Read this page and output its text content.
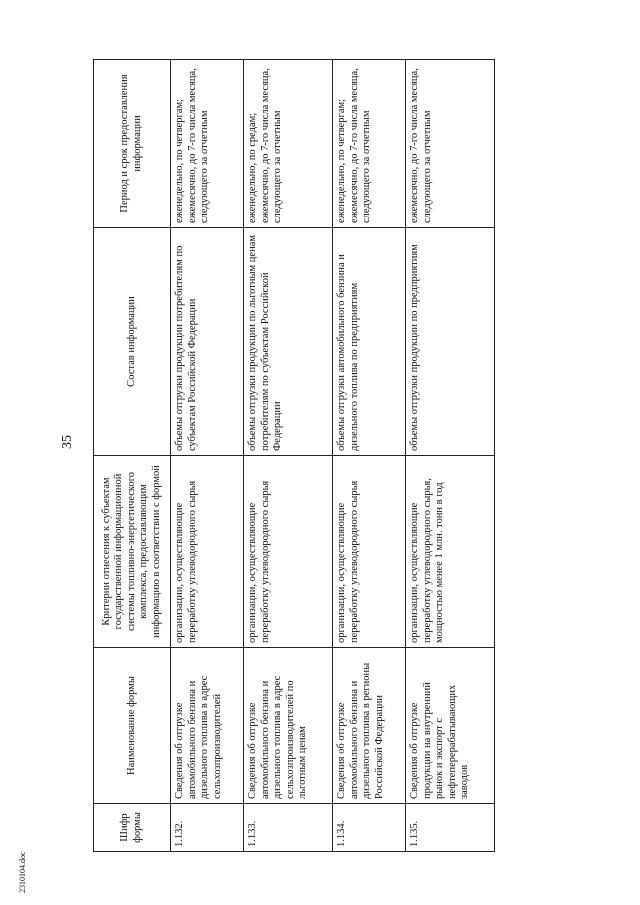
35
2310104.doc
Шифр формы	Наименование формы	Критерии отнесения к субъектам государственной информационной системы топливно-энергетического комплекса, предоставляющим информацию в соответствии с формой	Состав информации	Период и срок предоставления информации
1.132.	Сведения об отгрузке автомобильного бензина и дизельного топлива в адрес сельхозпроизводителей	организации, осуществляющие переработку углеводородного сырья	объемы отгрузки продукции потребителям по субъектам Российской Федерации	еженедельно, по четвергам; ежемесячно, до 7-го числа месяца, следующего за отчетным
1.133.	Сведения об отгрузке автомобильного бензина и дизельного топлива в адрес сельхозпроизводителей по льготным ценам	организации, осуществляющие переработку углеводородного сырья	объемы отгрузки продукции по льготным ценам потребителям по субъектам Российской Федерации	еженедельно, по средам; ежемесячно, до 7-го числа месяца, следующего за отчетным
1.134.	Сведения об отгрузке автомобильного бензина и дизельного топлива в регионы Российской Федерации	организации, осуществляющие переработку углеводородного сырья	объемы отгрузки автомобильного бензина и дизельного топлива по предприятиям	еженедельно, по четвергам; ежемесячно, до 7-го числа месяца, следующего за отчетным
1.135.	Сведения об отгрузке продукции на внутренний рынок и экспорт с нефтеперерабатывающих заводов	организации, осуществляющие переработку углеводородного сырья, мощностью менее 1 млн. тонн в год	объемы отгрузки продукции по предприятиям	ежемесячно, до 7-го числа месяца, следующего за отчетным
